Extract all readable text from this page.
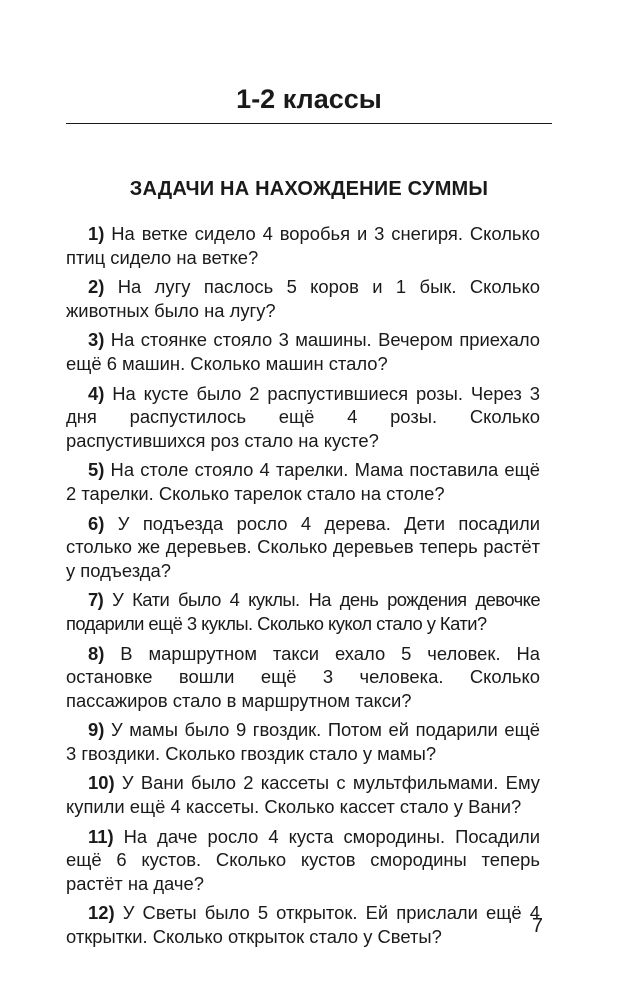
1-2 классы
ЗАДАЧИ НА НАХОЖДЕНИЕ СУММЫ

1) На ветке сидело 4 воробья и 3 снегиря. Сколько птиц сидело на ветке?

2) На лугу паслось 5 коров и 1 бык. Сколько животных было на лугу?

3) На стоянке стояло 3 машины. Вечером приехало ещё 6 машин. Сколько машин стало?

4) На кусте было 2 распустившиеся розы. Через 3 дня распустилось ещё 4 розы. Сколько распустившихся роз стало на кусте?

5) На столе стояло 4 тарелки. Мама поставила ещё 2 тарелки. Сколько тарелок стало на столе?

6) У подъезда росло 4 дерева. Дети посадили столько же деревьев. Сколько деревьев теперь растёт у подъезда?

7) У Кати было 4 куклы. На день рождения девочке подарили ещё 3 куклы. Сколько кукол стало у Кати?

8) В маршрутном такси ехало 5 человек. На остановке вошли ещё 3 человека. Сколько пассажиров стало в маршрутном такси?

9) У мамы было 9 гвоздик. Потом ей подарили ещё 3 гвоздики. Сколько гвоздик стало у мамы?

10) У Вани было 2 кассеты с мультфильмами. Ему купили ещё 4 кассеты. Сколько кассет стало у Вани?

11) На даче росло 4 куста смородины. Посадили ещё 6 кустов. Сколько кустов смородины теперь растёт на даче?

12) У Светы было 5 открыток. Ей прислали ещё 4 открытки. Сколько открыток стало у Светы?	7
